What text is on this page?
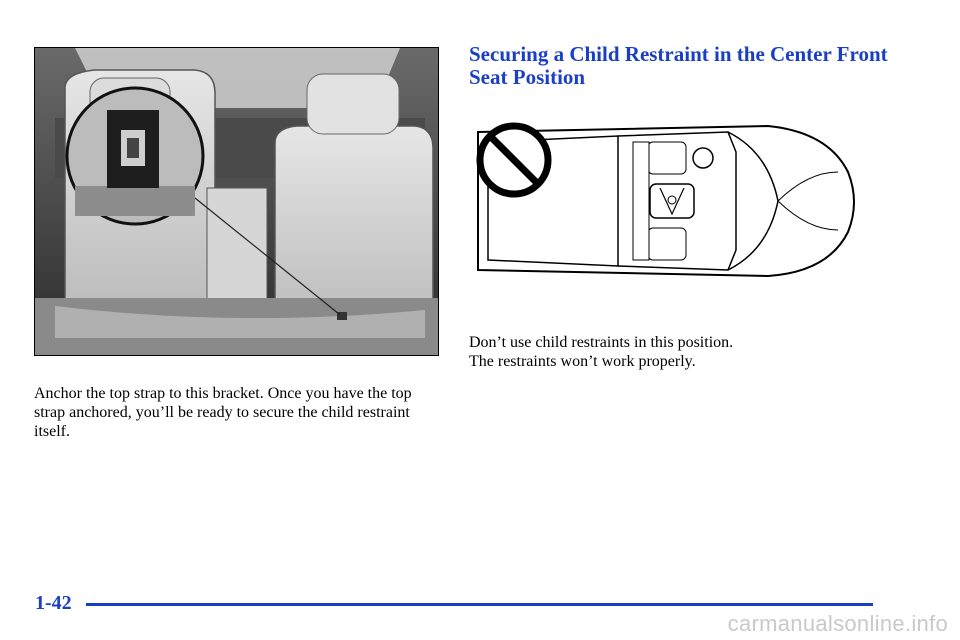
Anchor the top strap to this bracket. Once you have the top strap anchored, you’ll be ready to secure the child restraint itself.

Securing a Child Restraint in the Center Front Seat Position

Don’t use child restraints in this position.
The restraints won’t work properly.

1-42
carmanualsonline.info
